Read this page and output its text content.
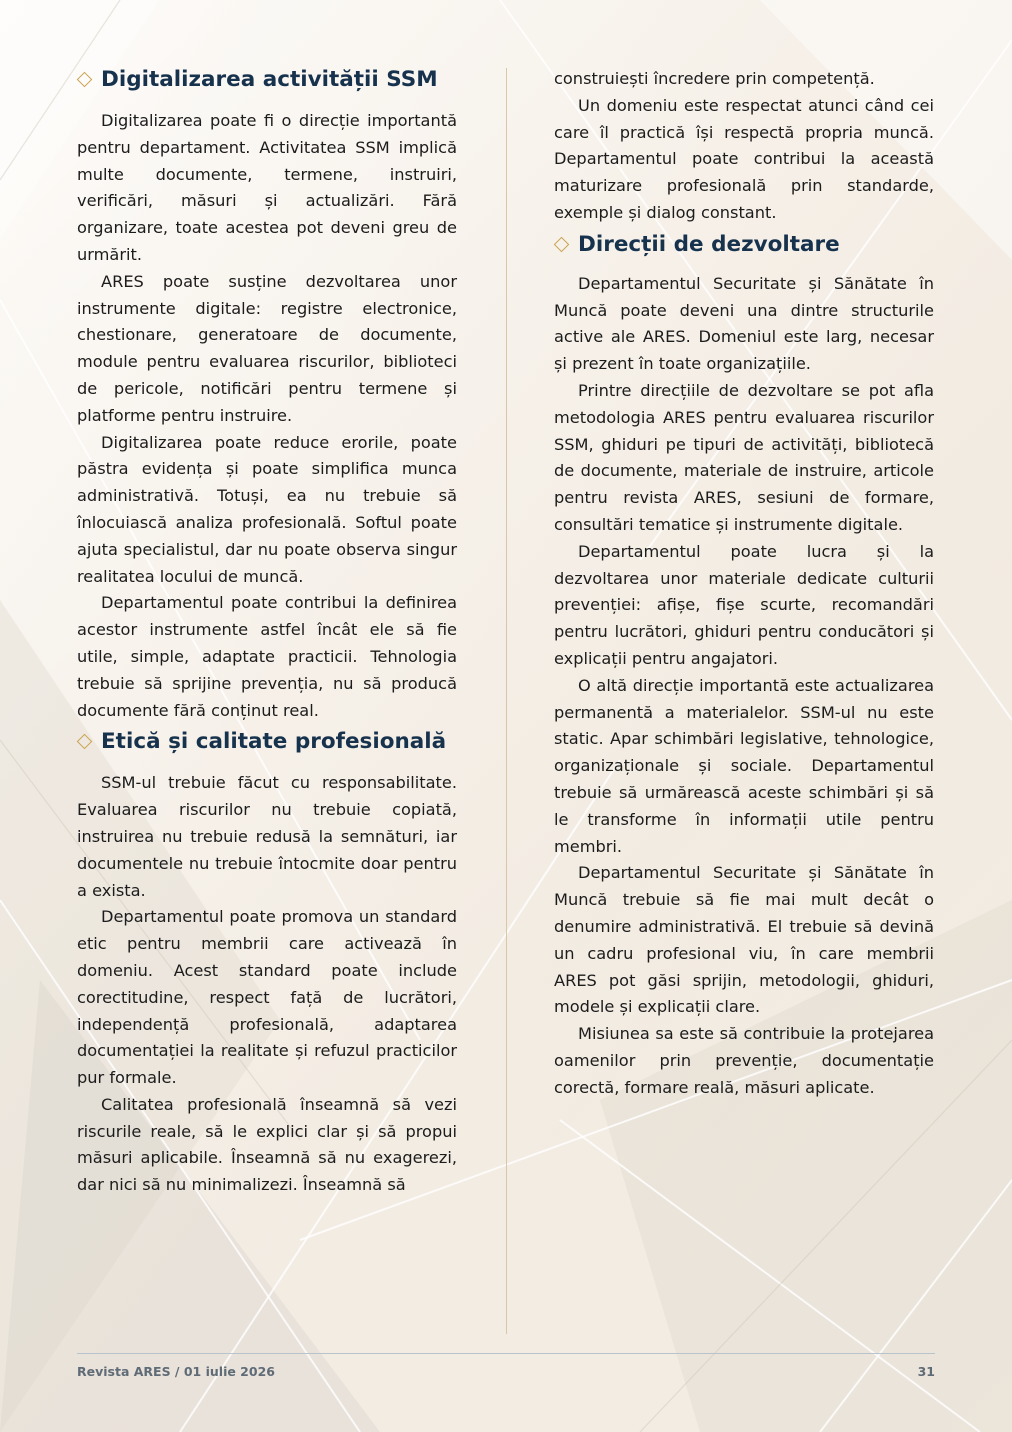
Digitalizarea activității SSM

Digitalizarea poate fi o direcție importantă pentru departament. Activitatea SSM implică multe documente, termene, instruiri, verificări, măsuri și actualizări. Fără organizare, toate acestea pot deveni greu de urmărit.

ARES poate susține dezvoltarea unor instrumente digitale: registre electronice, chestionare, generatoare de documente, module pentru evaluarea riscurilor, biblioteci de pericole, notificări pentru termene și platforme pentru instruire.

Digitalizarea poate reduce erorile, poate păstra evidența și poate simplifica munca administrativă. Totuși, ea nu trebuie să înlocuiască analiza profesională. Softul poate ajuta specialistul, dar nu poate observa singur realitatea locului de muncă.

Departamentul poate contribui la definirea acestor instrumente astfel încât ele să fie utile, simple, adaptate practicii. Tehnologia trebuie să sprijine prevenția, nu să producă documente fără conținut real.

Etică și calitate profesională

SSM-ul trebuie făcut cu responsabilitate. Evaluarea riscurilor nu trebuie copiată, instruirea nu trebuie redusă la semnături, iar documentele nu trebuie întocmite doar pentru a exista.

Departamentul poate promova un standard etic pentru membrii care activează în domeniu. Acest standard poate include corectitudine, respect față de lucrători, independență profesională, adaptarea documentației la realitate și refuzul practicilor pur formale.

Calitatea profesională înseamnă să vezi riscurile reale, să le explici clar și să propui măsuri aplicabile. Înseamnă să nu exagerezi, dar nici să nu minimalizezi. Înseamnă să

construiești încredere prin competență.

Un domeniu este respectat atunci când cei care îl practică își respectă propria muncă. Departamentul poate contribui la această maturizare profesională prin standarde, exemple și dialog constant.

Direcții de dezvoltare

Departamentul Securitate și Sănătate în Muncă poate deveni una dintre structurile active ale ARES. Domeniul este larg, necesar și prezent în toate organizațiile.

Printre direcțiile de dezvoltare se pot afla metodologia ARES pentru evaluarea riscurilor SSM, ghiduri pe tipuri de activități, bibliotecă de documente, materiale de instruire, articole pentru revista ARES, sesiuni de formare, consultări tematice și instrumente digitale.

Departamentul poate lucra și la dezvoltarea unor materiale dedicate culturii prevenției: afișe, fișe scurte, recomandări pentru lucrători, ghiduri pentru conducători și explicații pentru angajatori.

O altă direcție importantă este actualizarea permanentă a materialelor. SSM-ul nu este static. Apar schimbări legislative, tehnologice, organizaționale și sociale. Departamentul trebuie să urmărească aceste schimbări și să le transforme în informații utile pentru membri.

Departamentul Securitate și Sănătate în Muncă trebuie să fie mai mult decât o denumire administrativă. El trebuie să devină un cadru profesional viu, în care membrii ARES pot găsi sprijin, metodologii, ghiduri, modele și explicații clare.

Misiunea sa este să contribuie la protejarea oamenilor prin prevenție, documentație corectă, formare reală, măsuri aplicate.

Revista ARES / 01 iulie 2026	31
